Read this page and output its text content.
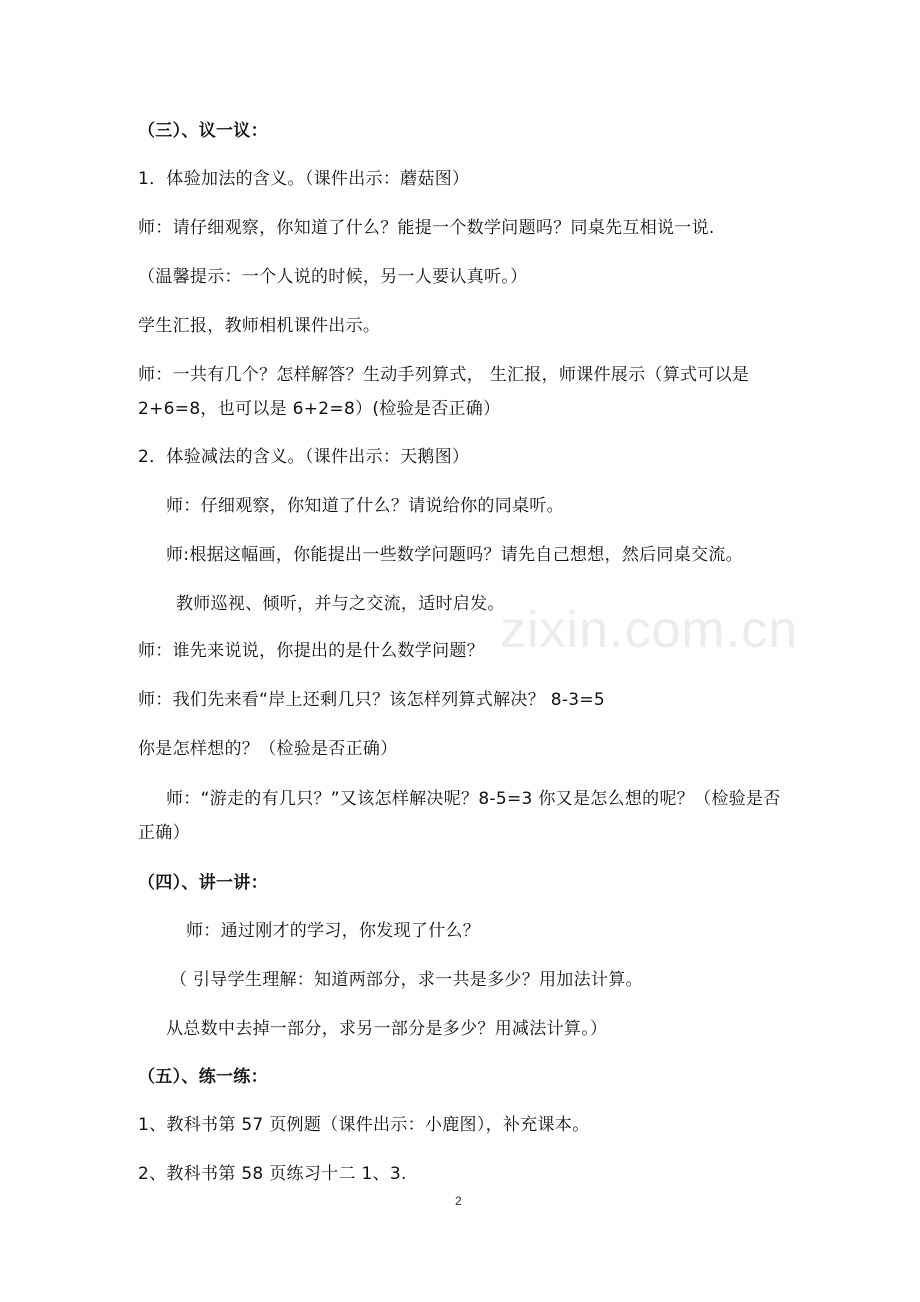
zixin.com.cn
（三）、议一议：
1．体验加法的含义。（课件出示：蘑菇图）
师：请仔细观察，你知道了什么？能提一个数学问题吗？同桌先互相说一说.
（温馨提示：一个人说的时候，另一人要认真听。）
学生汇报，教师相机课件出示。
师：一共有几个？怎样解答？生动手列算式， 生汇报，师课件展示（算式可以是 2+6=8，也可以是 6+2=8）(检验是否正确）
2．体验减法的含义。（课件出示：天鹅图）
师：仔细观察，你知道了什么？请说给你的同桌听。
师:根据这幅画，你能提出一些数学问题吗？请先自己想想，然后同桌交流。
教师巡视、倾听，并与之交流，适时启发。
师：谁先来说说，你提出的是什么数学问题？
师：我们先来看“岸上还剩几只？该怎样列算式解决？ 8-3=5
你是怎样想的？（检验是否正确）
师：“游走的有几只？”又该怎样解决呢？8-5=3 你又是怎么想的呢？（检验是否正确）
（四）、讲一讲：
师：通过刚才的学习，你发现了什么？
（ 引导学生理解：知道两部分，求一共是多少？用加法计算。
从总数中去掉一部分，求另一部分是多少？用减法计算。）
（五）、练一练：
1、教科书第 57 页例题（课件出示：小鹿图），补充课本。
2、教科书第 58 页练习十二 1、3.
2
